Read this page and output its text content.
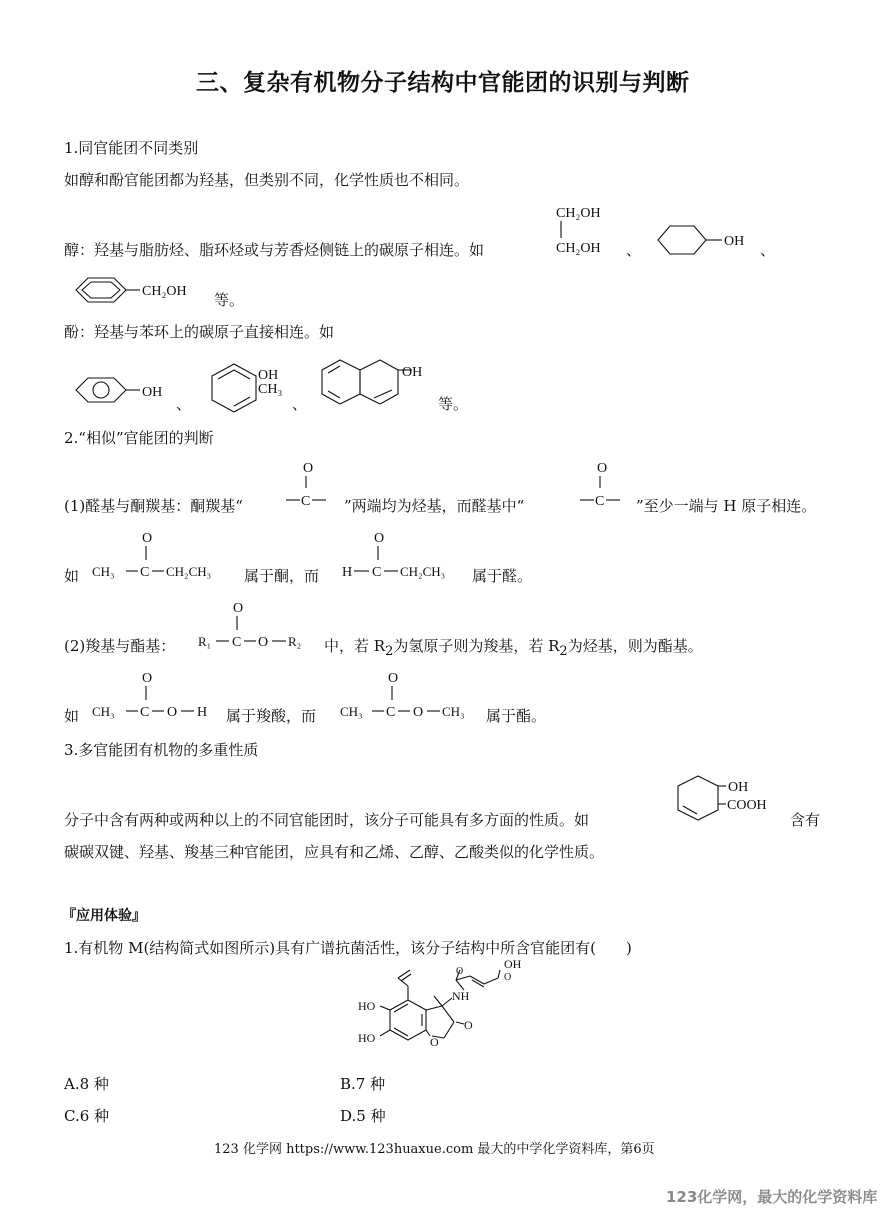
三、复杂有机物分子结构中官能团的识别与判断
1.同官能团不同类别
如醇和酚官能团都为羟基，但类别不同，化学性质也不相同。
CH₂OH
CH₂OH
醇：羟基与脂肪烃、脂环烃或与芳香烃侧链上的碳原子相连。如	、	OH 、
CH₂OH 等。
酚：羟基与苯环上的碳原子直接相连。如
OH
、
OH
CH₃
、
OH
等。
2.“相似”官能团的判断
(1)醛基与酮羰基：酮羰基“
O
C ”两端均为烃基，而醛基中“
O
C ”至少一端与 H 原子相连。
如
O
CH₃ C CH₂CH₃ 属于酮，而
O
H C CH₂CH₃ 属于醛。
(2)羧基与酯基：
O
R₁ C O R₂ 中，若 $R_2$为氢原子则为羧基，若 $R_2$为烃基，则为酯基。
如
O
CH₃ C O H 属于羧酸，而
O
CH₃ C O CH₃ 属于酯。
3.多官能团有机物的多重性质
分子中含有两种或两种以上的不同官能团时，该分子可能具有多方面的性质。如
OH
COOH
含有
碳碳双键、羟基、羧基三种官能团，应具有和乙烯、乙醇、乙酸类似的化学性质。
『应用体验』
1.有机物 M(结构简式如图所示)具有广谱抗菌活性，该分子结构中所含官能团有(　　)
O
O
NH
O
O
OH
HO
HO
A.8 种	B.7 种
C.6 种	D.5 种
123 化学网 https://www.123huaxue.com 最大的中学化学资料库，第6页
123化学网，最大的化学资料库
